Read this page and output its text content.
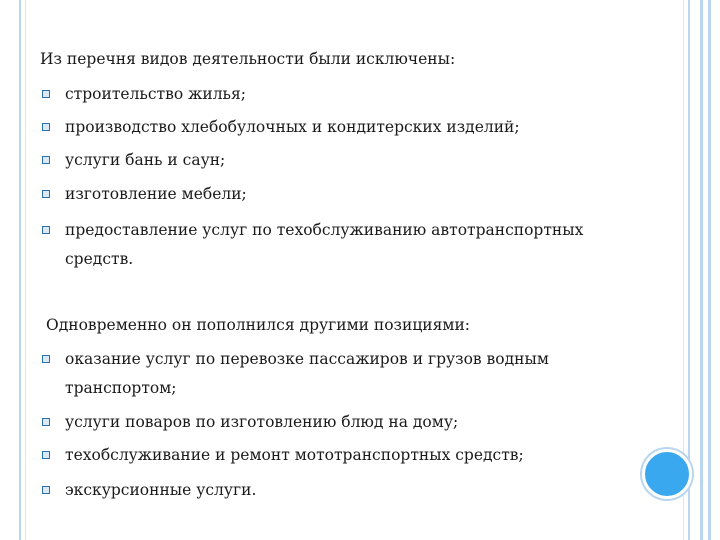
Из перечня видов деятельности были исключены:
строительство жилья;
производство хлебобулочных и кондитерских изделий;
услуги бань и саун;
изготовление мебели;
предоставление услуг по техобслуживанию автотранспортных средств.
Одновременно он пополнился другими позициями:
оказание услуг по перевозке пассажиров и грузов водным транспортом;
услуги поваров по изготовлению блюд на дому;
техобслуживание и ремонт мототранспортных средств;
экскурсионные услуги.
